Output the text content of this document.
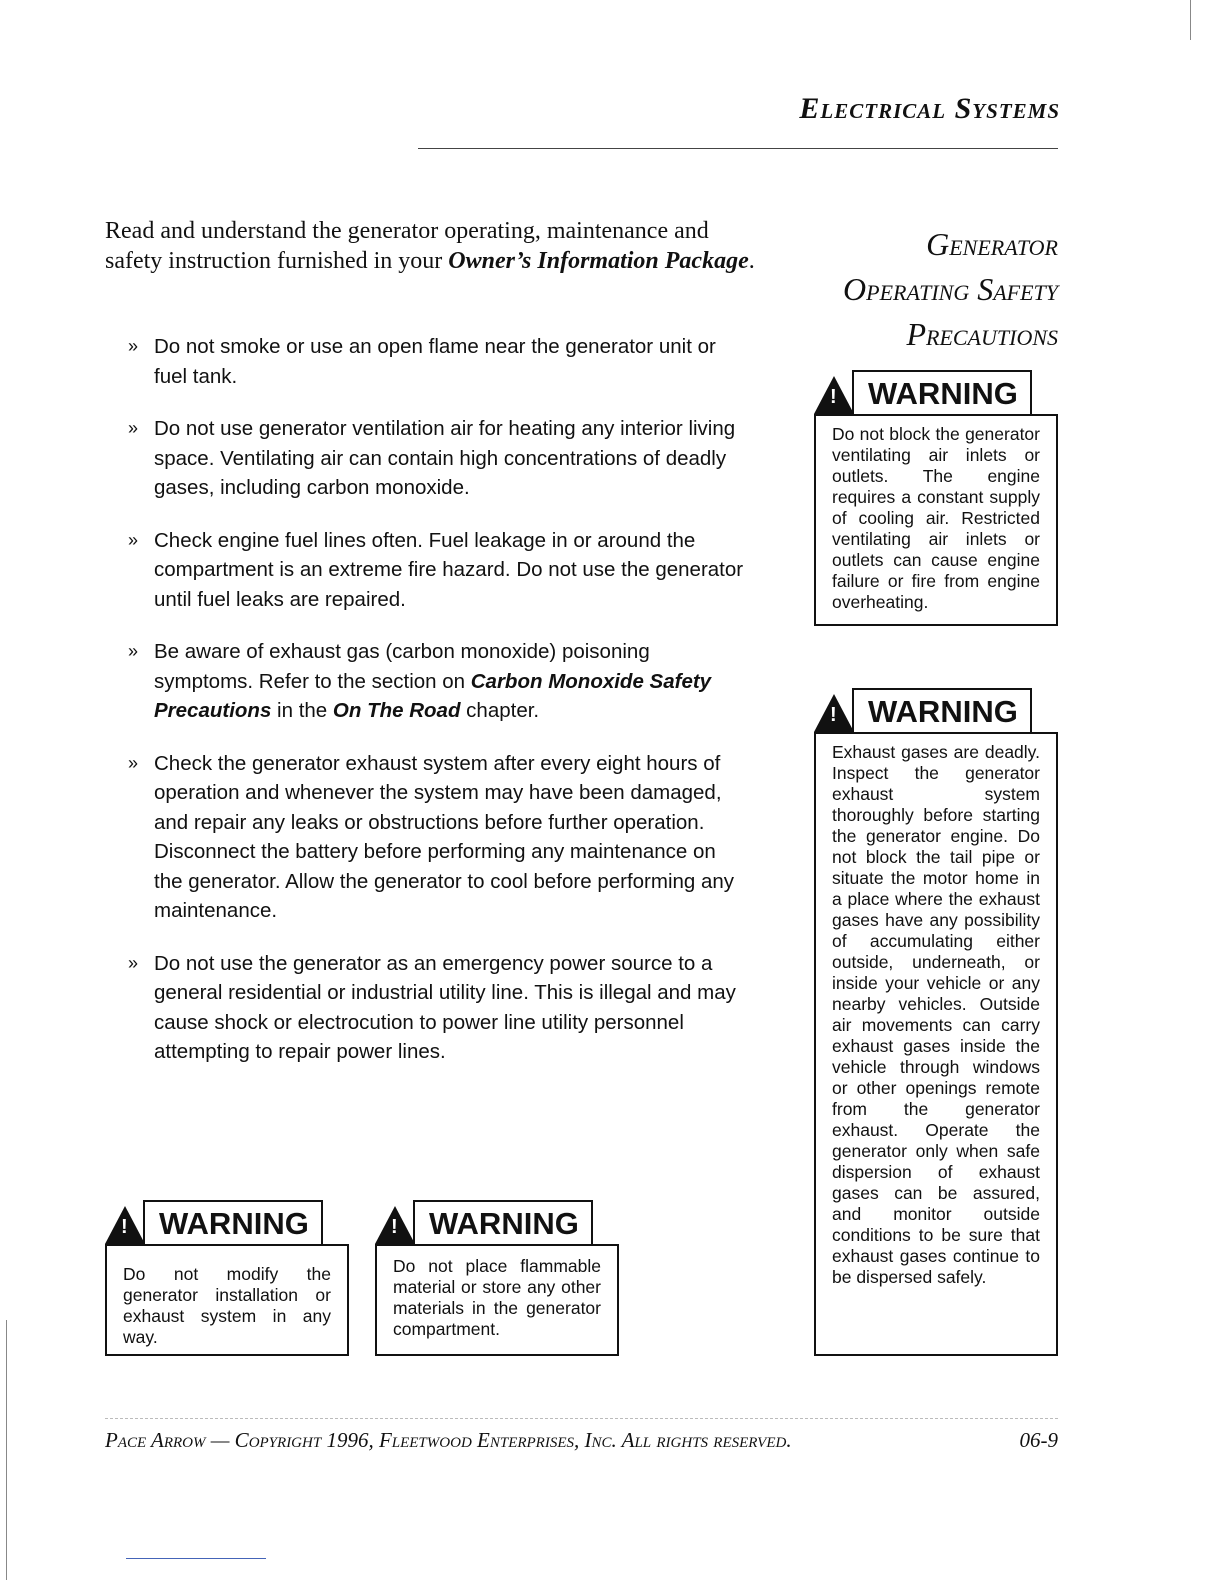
Electrical Systems
Read and understand the generator operating, maintenance and safety instruction furnished in your Owner’s Information Package.
» Do not smoke or use an open flame near the generator unit or fuel tank.
» Do not use generator ventilation air for heating any interior living space. Ventilating air can contain high concentrations of deadly gases, including carbon monoxide.
» Check engine fuel lines often. Fuel leakage in or around the compartment is an extreme fire hazard. Do not use the generator until fuel leaks are repaired.
» Be aware of exhaust gas (carbon monoxide) poisoning symptoms. Refer to the section on Carbon Monoxide Safety Precautions in the On The Road chapter.
» Check the generator exhaust system after every eight hours of operation and whenever the system may have been damaged, and repair any leaks or obstructions before further operation. Disconnect the battery before performing any maintenance on the generator. Allow the generator to cool before performing any maintenance.
» Do not use the generator as an emergency power source to a general residential or industrial utility line. This is illegal and may cause shock or electrocution to power line utility personnel attempting to repair power lines.
Generator
Operating Safety
Precautions
!	WARNING
Do not block the generator ventilating air inlets or outlets. The engine requires a constant supply of cooling air. Restricted ventilating air inlets or outlets can cause engine failure or fire from engine overheating.
!	WARNING
Exhaust gases are deadly. Inspect the generator exhaust system thoroughly before starting the generator engine. Do not block the tail pipe or situate the motor home in a place where the exhaust gases have any possibility of accumulating either outside, underneath, or inside your vehicle or any nearby vehicles. Outside air movements can carry exhaust gases inside the vehicle through windows or other openings remote from the generator exhaust. Operate the generator only when safe dispersion of exhaust gases can be assured, and monitor outside conditions to be sure that exhaust gases continue to be dispersed safely.
!	WARNING
Do not modify the generator installation or exhaust system in any way.
!	WARNING
Do not place flammable material or store any other materials in the generator compartment.
Pace Arrow — Copyright 1996, Fleetwood Enterprises, Inc. All rights reserved.	06-9
